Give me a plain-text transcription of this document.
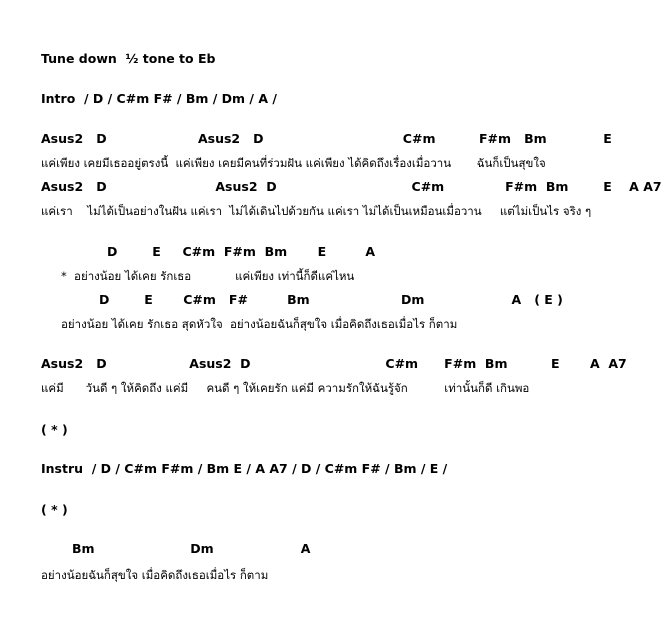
Tune down  ½ tone to Eb
Intro  / D / C#m F# / Bm / Dm / A /
Asus2   D                     Asus2   D                                C#m          F#m   Bm             E
แค่เพียง เคยมีเธออยู่ตรงนี้  แค่เพียง เคยมีคนที่ร่วมฝัน แค่เพียง ได้คิดถึงเรื่องเมื่อวาน       ฉันก็เป็นสุขใจ
Asus2   D                         Asus2  D                               C#m              F#m  Bm        E    A A7
แค่เรา    ไม่ได้เป็นอย่างในฝัน แค่เรา  ไม่ได้เดินไปด้วยกัน แค่เรา ไม่ได้เป็นเหมือนเมื่อวาน     แต่ไม่เป็นไร จริง ๆ
D        E     C#m  F#m  Bm       E         A
*  อย่างน้อย ได้เคย รักเธอ            แค่เพียง เท่านี้ก็ดีแค่ไหน
D        E       C#m   F#         Bm                     Dm                    A   ( E )
อย่างน้อย ได้เคย รักเธอ สุดหัวใจ  อย่างน้อยฉันก็สุขใจ เมื่อคิดถึงเธอเมื่อไร ก็ตาม
Asus2   D                   Asus2  D                               C#m      F#m  Bm          E       A  A7
แค่มี      วันดี ๆ ให้คิดถึง แค่มี     คนดี ๆ ให้เคยรัก แค่มี ความรักให้ฉันรู้จัก          เท่านั้นก็ดี เกินพอ
( * )
Instru  / D / C#m F#m / Bm E / A A7 / D / C#m F# / Bm / E /
( * )
Bm                      Dm                    A
อย่างน้อยฉันก็สุขใจ เมื่อคิดถึงเธอเมื่อไร ก็ตาม
